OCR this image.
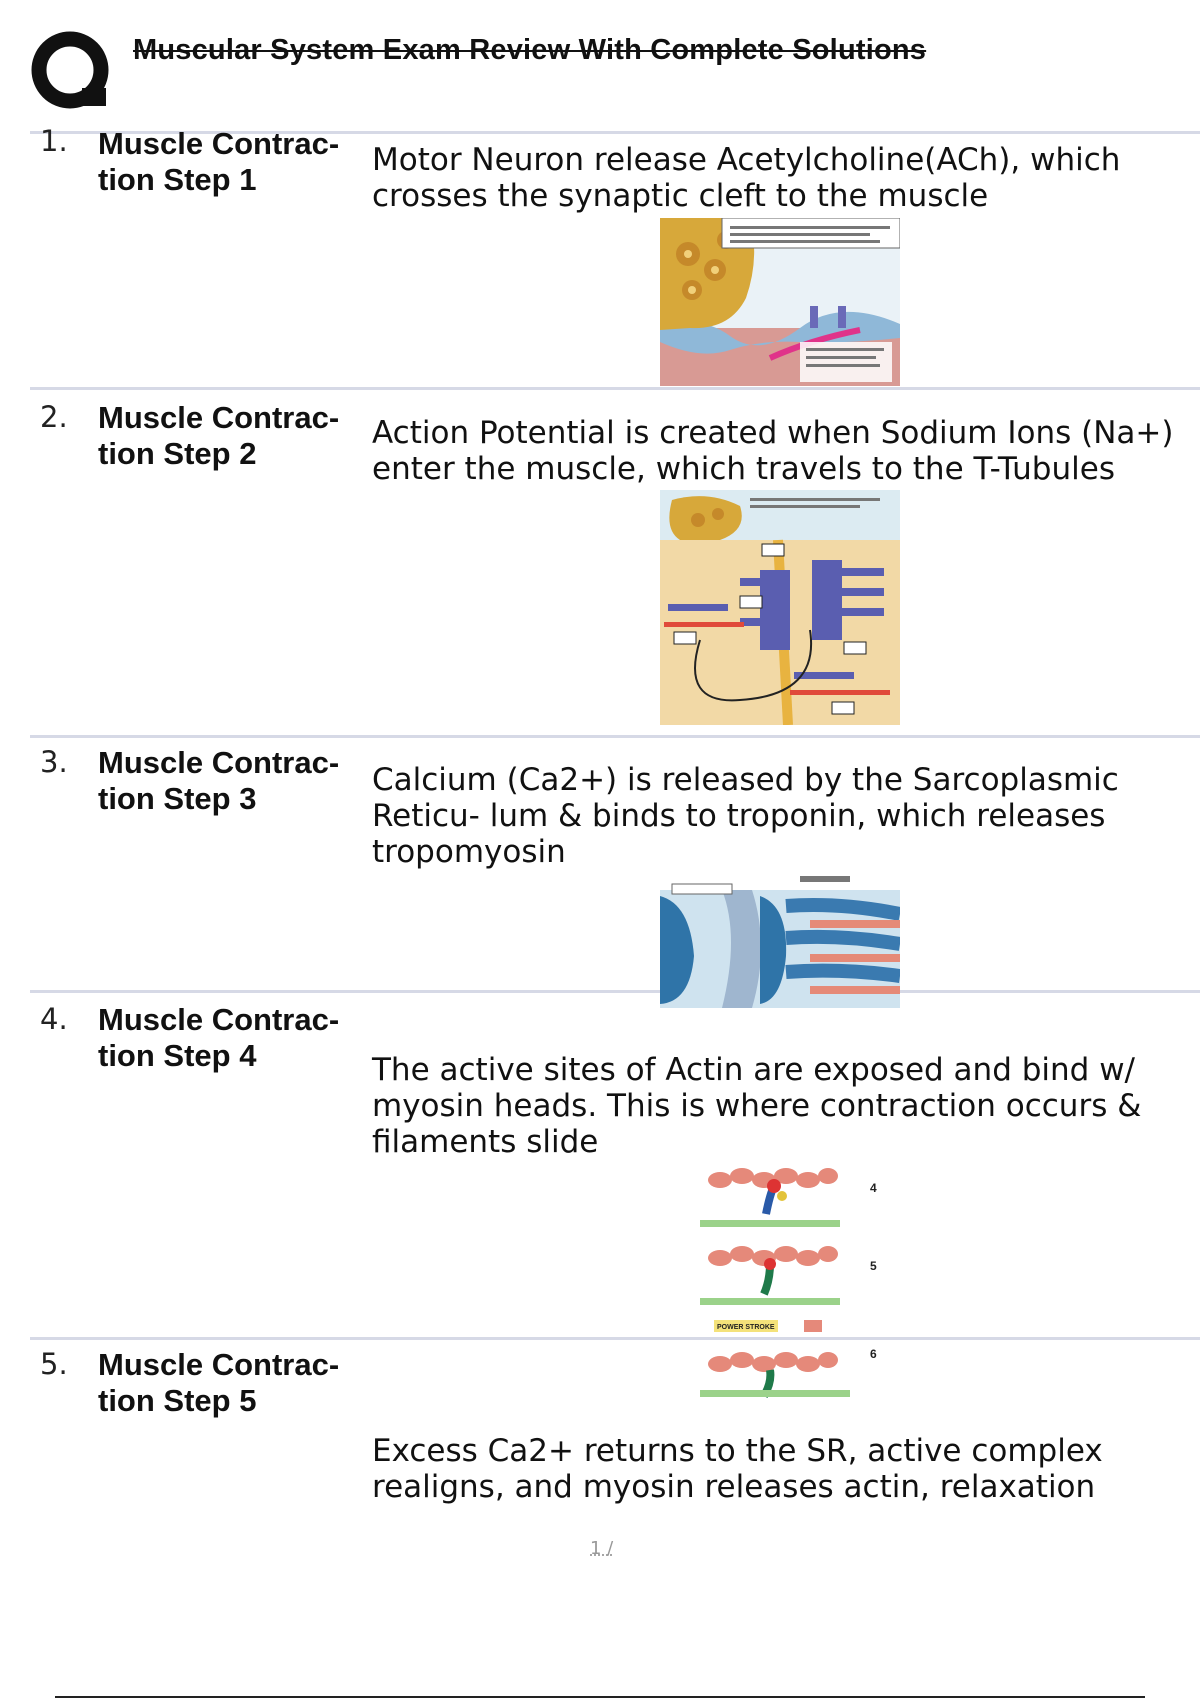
Muscular System Exam Review With Complete Solutions
1. Muscle Contrac- tion Step 1
Motor Neuron release Acetylcholine(ACh), which
crosses the synaptic cleft to the muscle
2. Muscle Contrac- tion Step 2
Action Potential is created when Sodium Ions (Na+)
enter the muscle, which travels to the T-Tubules
3. Muscle Contrac- tion Step 3
Calcium (Ca2+) is released by the Sarcoplasmic
Reticu- lum & binds to troponin, which releases
tropomyosin
4. Muscle Contrac- tion Step 4	The active sites of Actin are exposed and bind w/
myosin heads. This is where contraction occurs &
filaments slide
4
5
6
POWER STROKE
5. Muscle Contrac- tion Step 5
Excess Ca2+ returns to the SR, active complex
realigns, and myosin releases actin, relaxation
1 /
